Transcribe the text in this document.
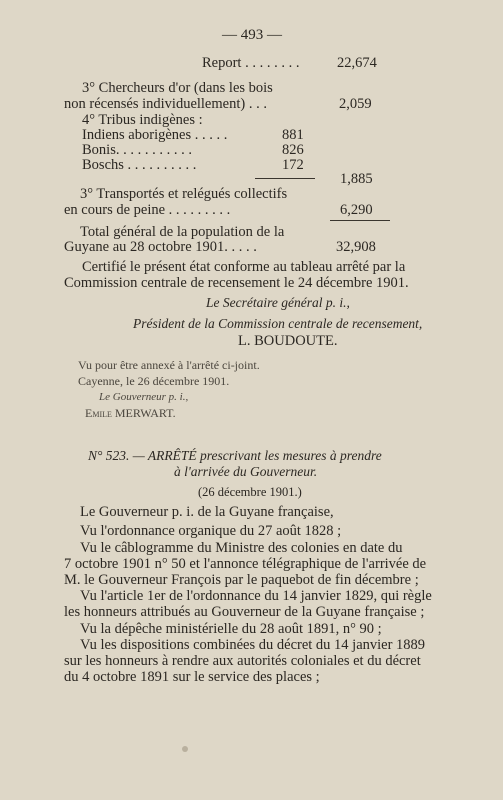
— 493 —
Report . . . . . . . .	22,674
3° Chercheurs d'or (dans les bois
non récensés individuellement) . . .	2,059
4° Tribus indigènes :
Indiens aborigènes . . . . .	881
Bonis. . . . . . . . . . .	826
Boschs . . . . . . . . . .	172
1,885
3° Transportés et relégués collectifs
en cours de peine . . . . . . . . .	6,290
Total général de la population de la
Guyane au 28 octobre 1901. . . . .	32,908
Certifié le présent état conforme au tableau arrêté par la
Commission centrale de recensement le 24 décembre 1901.
Le Secrétaire général p. i.,
Président de la Commission centrale de recensement,
L. BOUDOUTE.
Vu pour être annexé à l'arrêté ci-joint.
Cayenne, le 26 décembre 1901.
Le Gouverneur p. i.,
Emile MERWART.
N° 523. — ARRÊTÉ prescrivant les mesures à prendre
à l'arrivée du Gouverneur.
(26 décembre 1901.)
Le Gouverneur p. i. de la Guyane française,
Vu l'ordonnance organique du 27 août 1828 ;
Vu le câblogramme du Ministre des colonies en date du
7 octobre 1901 n° 50 et l'annonce télégraphique de l'arrivée de
M. le Gouverneur François par le paquebot de fin décembre ;
Vu l'article 1er de l'ordonnance du 14 janvier 1829, qui règle
les honneurs attribués au Gouverneur de la Guyane française ;
Vu la dépêche ministérielle du 28 août 1891, n° 90 ;
Vu les dispositions combinées du décret du 14 janvier 1889
sur les honneurs à rendre aux autorités coloniales et du décret
du 4 octobre 1891 sur le service des places ;
